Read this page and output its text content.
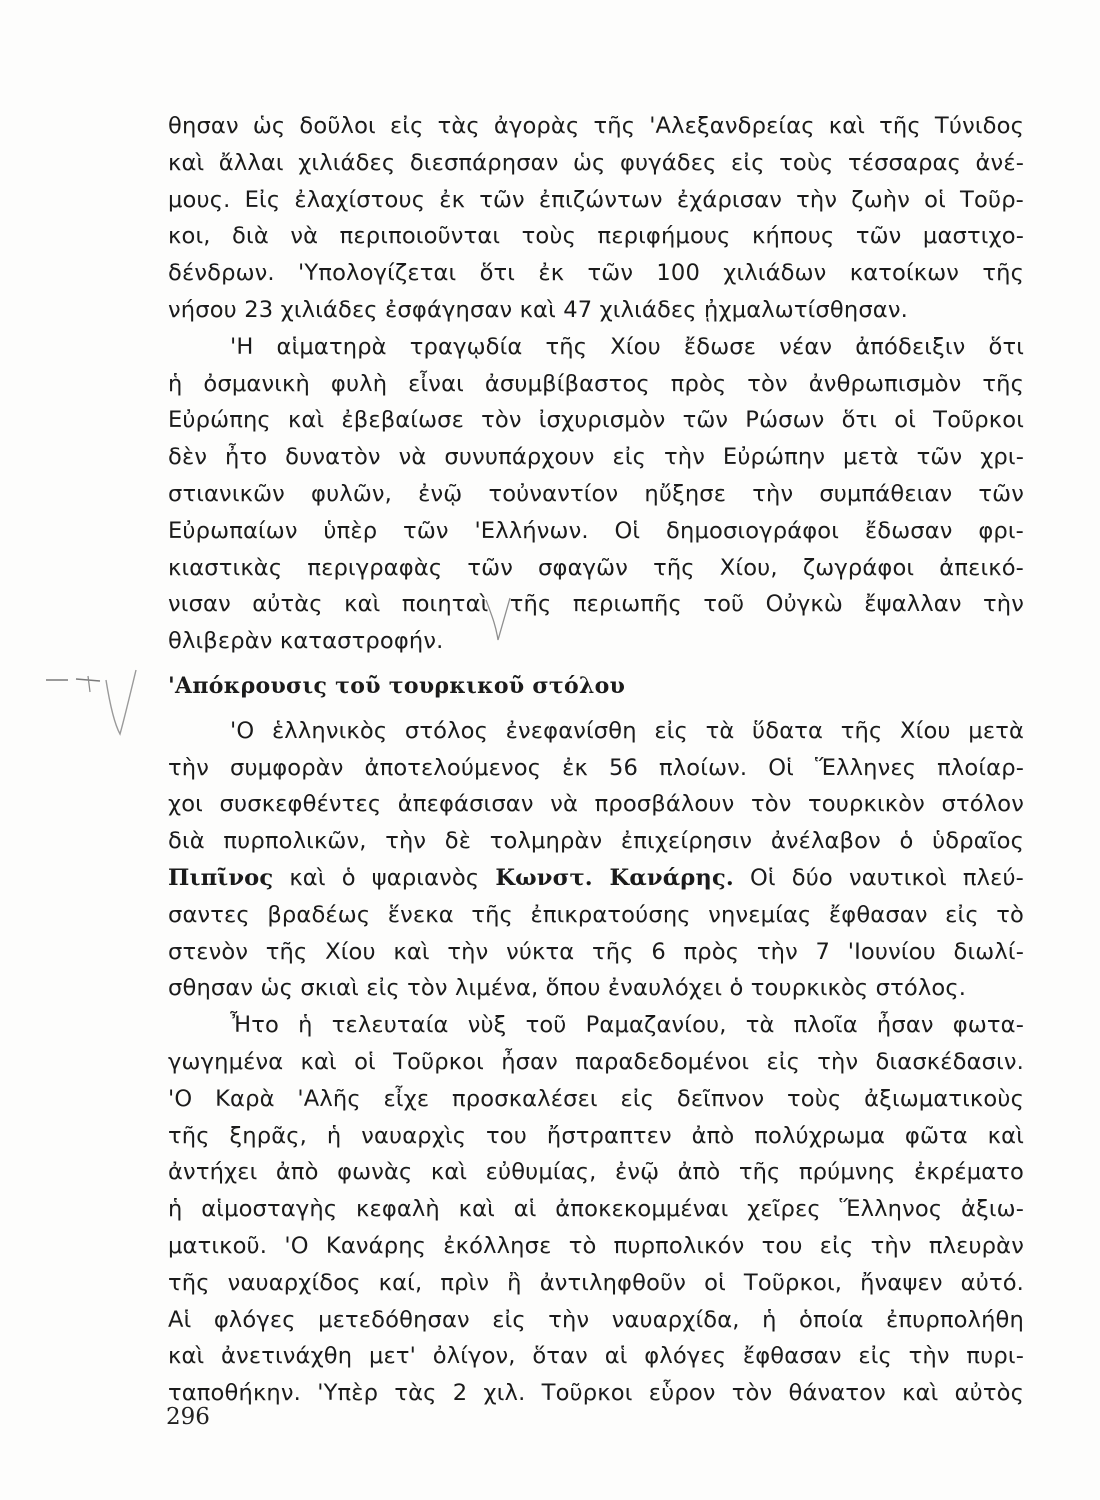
θησαν ὡς δοῦλοι εἰς τὰς ἀγορὰς τῆς 'Αλεξανδρείας καὶ τῆς Τύνιδος
καὶ ἄλλαι χιλιάδες διεσπάρησαν ὡς φυγάδες εἰς τοὺς τέσσαρας ἀνέ-
μους. Εἰς ἐλαχίστους ἐκ τῶν ἐπιζώντων ἐχάρισαν τὴν ζωὴν οἱ Τοῦρ-
κοι, διὰ νὰ περιποιοῦνται τοὺς περιφήμους κήπους τῶν μαστιχο-
δένδρων. 'Υπολογίζεται ὅτι ἐκ τῶν 100 χιλιάδων κατοίκων τῆς
νήσου 23 χιλιάδες ἐσφάγησαν καὶ 47 χιλιάδες ᾐχμαλωτίσθησαν.
'Η αἱματηρὰ τραγῳδία τῆς Χίου ἔδωσε νέαν ἀπόδειξιν ὅτι
ἡ ὀσμανικὴ φυλὴ εἶναι ἀσυμβίβαστος πρὸς τὸν ἀνθρωπισμὸν τῆς
Εὐρώπης καὶ ἐβεβαίωσε τὸν ἰσχυρισμὸν τῶν Ρώσων ὅτι οἱ Τοῦρκοι
δὲν ἦτο δυνατὸν νὰ συνυπάρχουν εἰς τὴν Εὐρώπην μετὰ τῶν χρι-
στιανικῶν φυλῶν, ἐνῷ τοὐναντίον ηὔξησε τὴν συμπάθειαν τῶν
Εὐρωπαίων ὑπὲρ τῶν 'Ελλήνων. Οἱ δημοσιογράφοι ἔδωσαν φρι-
κιαστικὰς περιγραφὰς τῶν σφαγῶν τῆς Χίου, ζωγράφοι ἀπεικό-
νισαν αὐτὰς καὶ ποιηταὶ τῆς περιωπῆς τοῦ Οὐγκὼ ἔψαλλαν τὴν
θλιβερὰν καταστροφήν.
'Απόκρουσις τοῦ τουρκικοῦ στόλου
'Ο ἑλληνικὸς στόλος ἐνεφανίσθη εἰς τὰ ὕδατα τῆς Χίου μετὰ
τὴν συμφορὰν ἀποτελούμενος ἐκ 56 πλοίων. Οἱ Ἕλληνες πλοίαρ-
χοι συσκεφθέντες ἀπεφάσισαν νὰ προσβάλουν τὸν τουρκικὸν στόλον
διὰ πυρπολικῶν, τὴν δὲ τολμηρὰν ἐπιχείρησιν ἀνέλαβον ὁ ὑδραῖος
Πιπῖνος καὶ ὁ ψαριανὸς Κωνστ. Κανάρης. Οἱ δύο ναυτικοὶ πλεύ-
σαντες βραδέως ἕνεκα τῆς ἐπικρατούσης νηνεμίας ἔφθασαν εἰς τὸ
στενὸν τῆς Χίου καὶ τὴν νύκτα τῆς 6 πρὸς τὴν 7 'Ιουνίου διωλί-
σθησαν ὡς σκιαὶ εἰς τὸν λιμένα, ὅπου ἐναυλόχει ὁ τουρκικὸς στόλος.
Ἦτο ἡ τελευταία νὺξ τοῦ Ραμαζανίου, τὰ πλοῖα ἦσαν φωτα-
γωγημένα καὶ οἱ Τοῦρκοι ἦσαν παραδεδομένοι εἰς τὴν διασκέδασιν.
'Ο Καρὰ 'Αλῆς εἶχε προσκαλέσει εἰς δεῖπνον τοὺς ἀξιωματικοὺς
τῆς ξηρᾶς, ἡ ναυαρχὶς του ἤστραπτεν ἀπὸ πολύχρωμα φῶτα καὶ
ἀντήχει ἀπὸ φωνὰς καὶ εὐθυμίας, ἐνῷ ἀπὸ τῆς πρύμνης ἐκρέματο
ἡ αἱμοσταγὴς κεφαλὴ καὶ αἱ ἀποκεκομμέναι χεῖρες Ἕλληνος ἀξιω-
ματικοῦ. 'Ο Κανάρης ἐκόλλησε τὸ πυρπολικόν του εἰς τὴν πλευρὰν
τῆς ναυαρχίδος καί, πρὶν ἢ ἀντιληφθοῦν οἱ Τοῦρκοι, ἤναψεν αὐτό.
Αἱ φλόγες μετεδόθησαν εἰς τὴν ναυαρχίδα, ἡ ὁποία ἐπυρπολήθη
καὶ ἀνετινάχθη μετ' ὀλίγον, ὅταν αἱ φλόγες ἔφθασαν εἰς τὴν πυρι-
ταποθήκην. 'Υπὲρ τὰς 2 χιλ. Τοῦρκοι εὗρον τὸν θάνατον καὶ αὐτὸς
296
